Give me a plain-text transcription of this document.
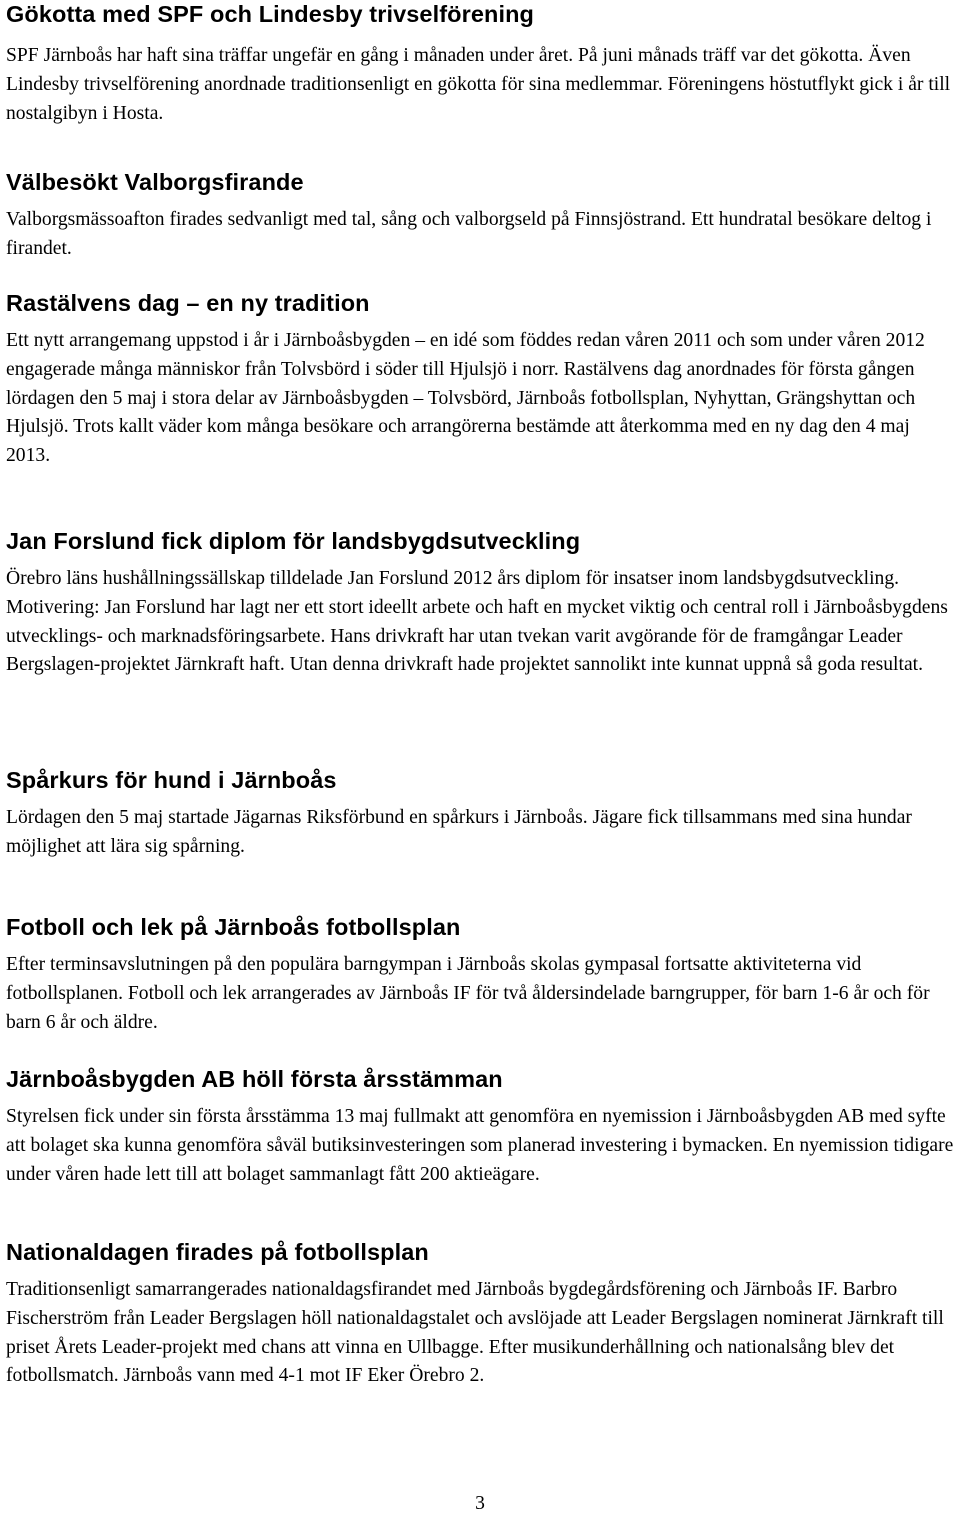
Gökotta med SPF och Lindesby trivselförening

SPF Järnboås har haft sina träffar ungefär en gång i månaden under året. På juni månads träff var det gökotta. Även Lindesby trivselförening anordnade traditionsenligt en gökotta för sina medlemmar. Föreningens höstutflykt gick i år till nostalgibyn i Hosta.

Välbesökt Valborgsfirande

Valborgsmässoafton firades sedvanligt med tal, sång och valborgseld på Finnsjöstrand. Ett hundratal besökare deltog i firandet.

Rastälvens dag – en ny tradition

Ett nytt arrangemang uppstod i år i Järnboåsbygden – en idé som föddes redan våren 2011 och som under våren 2012 engagerade många människor från Tolvsbörd i söder till Hjulsjö i norr. Rastälvens dag anordnades för första gången lördagen den 5 maj i stora delar av Järnboåsbygden – Tolvsbörd, Järnboås fotbollsplan, Nyhyttan, Grängshyttan och Hjulsjö. Trots kallt väder kom många besökare och arrangörerna bestämde att återkomma med en ny dag den 4 maj 2013.

Jan Forslund fick diplom för landsbygdsutveckling

Örebro läns hushållningssällskap tilldelade Jan Forslund 2012 års diplom för insatser inom landsbygdsutveckling. Motivering: Jan Forslund har lagt ner ett stort ideellt arbete och haft en mycket viktig och central roll i Järnboåsbygdens utvecklings- och marknadsföringsarbete. Hans drivkraft har utan tvekan varit avgörande för de framgångar Leader Bergslagen-projektet Järnkraft haft. Utan denna drivkraft hade projektet sannolikt inte kunnat uppnå så goda resultat.

Spårkurs för hund i Järnboås

Lördagen den 5 maj startade Jägarnas Riksförbund en spårkurs i Järnboås. Jägare fick tillsammans med sina hundar möjlighet att lära sig spårning.

Fotboll och lek på Järnboås fotbollsplan

Efter terminsavslutningen på den populära barngympan i Järnboås skolas gympasal fortsatte aktiviteterna vid fotbollsplanen. Fotboll och lek arrangerades av Järnboås IF för två åldersindelade barngrupper, för barn 1-6 år och för barn 6 år och äldre.

Järnboåsbygden AB höll första årsstämman

Styrelsen fick under sin första årsstämma 13 maj fullmakt att genomföra en nyemission i Järnboåsbygden AB med syfte att bolaget ska kunna genomföra såväl butiksinvesteringen som planerad investering i bymacken. En nyemission tidigare under våren hade lett till att bolaget sammanlagt fått 200 aktieägare.

Nationaldagen firades på fotbollsplan

Traditionsenligt samarrangerades nationaldagsfirandet med Järnboås bygdegårdsförening och Järnboås IF. Barbro Fischerström från Leader Bergslagen höll nationaldagstalet och avslöjade att Leader Bergslagen nominerat Järnkraft till priset Årets Leader-projekt med chans att vinna en Ullbagge. Efter musikunderhållning och nationalsång blev det fotbollsmatch. Järnboås vann med 4-1 mot IF Eker Örebro 2.

3
